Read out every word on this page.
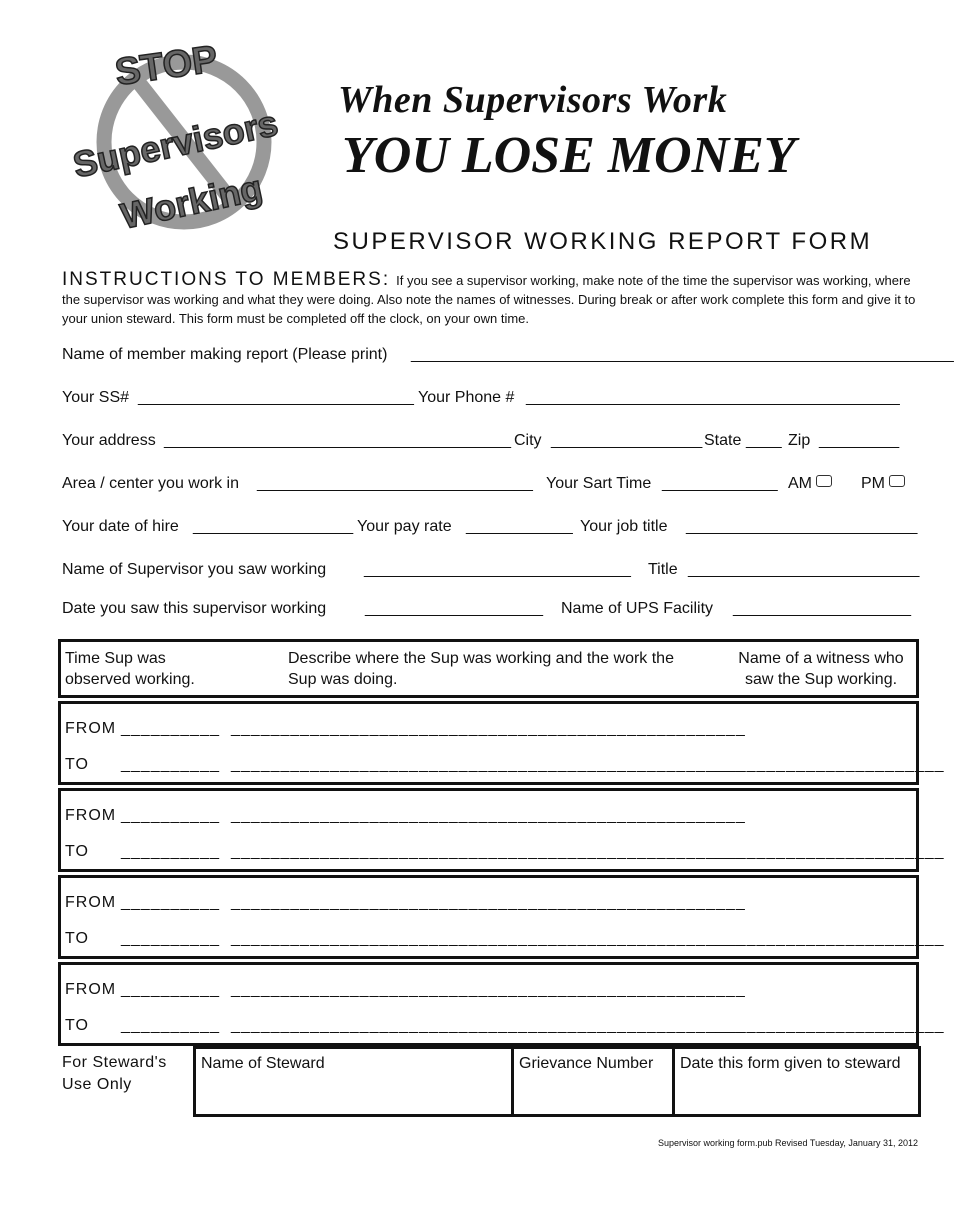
STOP
Supervisors
Working
When Supervisors Work
YOU LOSE MONEY
SUPERVISOR WORKING REPORT FORM
INSTRUCTIONS TO MEMBERS: If you see a supervisor working, make note of the time the supervisor was working, where the supervisor was working and what they were doing. Also note the names of witnesses. During break or after work complete this form and give it to your union steward. This form must be completed off the clock, on your own time.
Name of member making report (Please print) _____________________________________________________________
Your SS# _______________________________ Your Phone # __________________________________________
Your address _______________________________________ City _________________ State ____ Zip _________
Area / center you work in _______________________________ Your Sart Time _____________ AM	PM
Your date of hire __________________ Your pay rate ____________ Your job title __________________________
Name of Supervisor you saw working ______________________________ Title __________________________
Date you saw this supervisor working ____________________ Name of UPS Facility ____________________
Time Sup was observed working.
Describe where the Sup was working and the work the Sup was doing.
Name of a witness who saw the Sup working.
FROM __________ ____________________________________________________
TO __________ ____________________________________________________
________________________
FROM __________ ____________________________________________________
TO __________ ____________________________________________________
________________________
FROM __________ ____________________________________________________
TO __________ ____________________________________________________
________________________
FROM __________ ____________________________________________________
TO __________ ____________________________________________________
________________________
For Steward's Use Only
Name of Steward	Grievance Number	Date this form given to steward
Supervisor working form.pub Revised Tuesday, January 31, 2012
